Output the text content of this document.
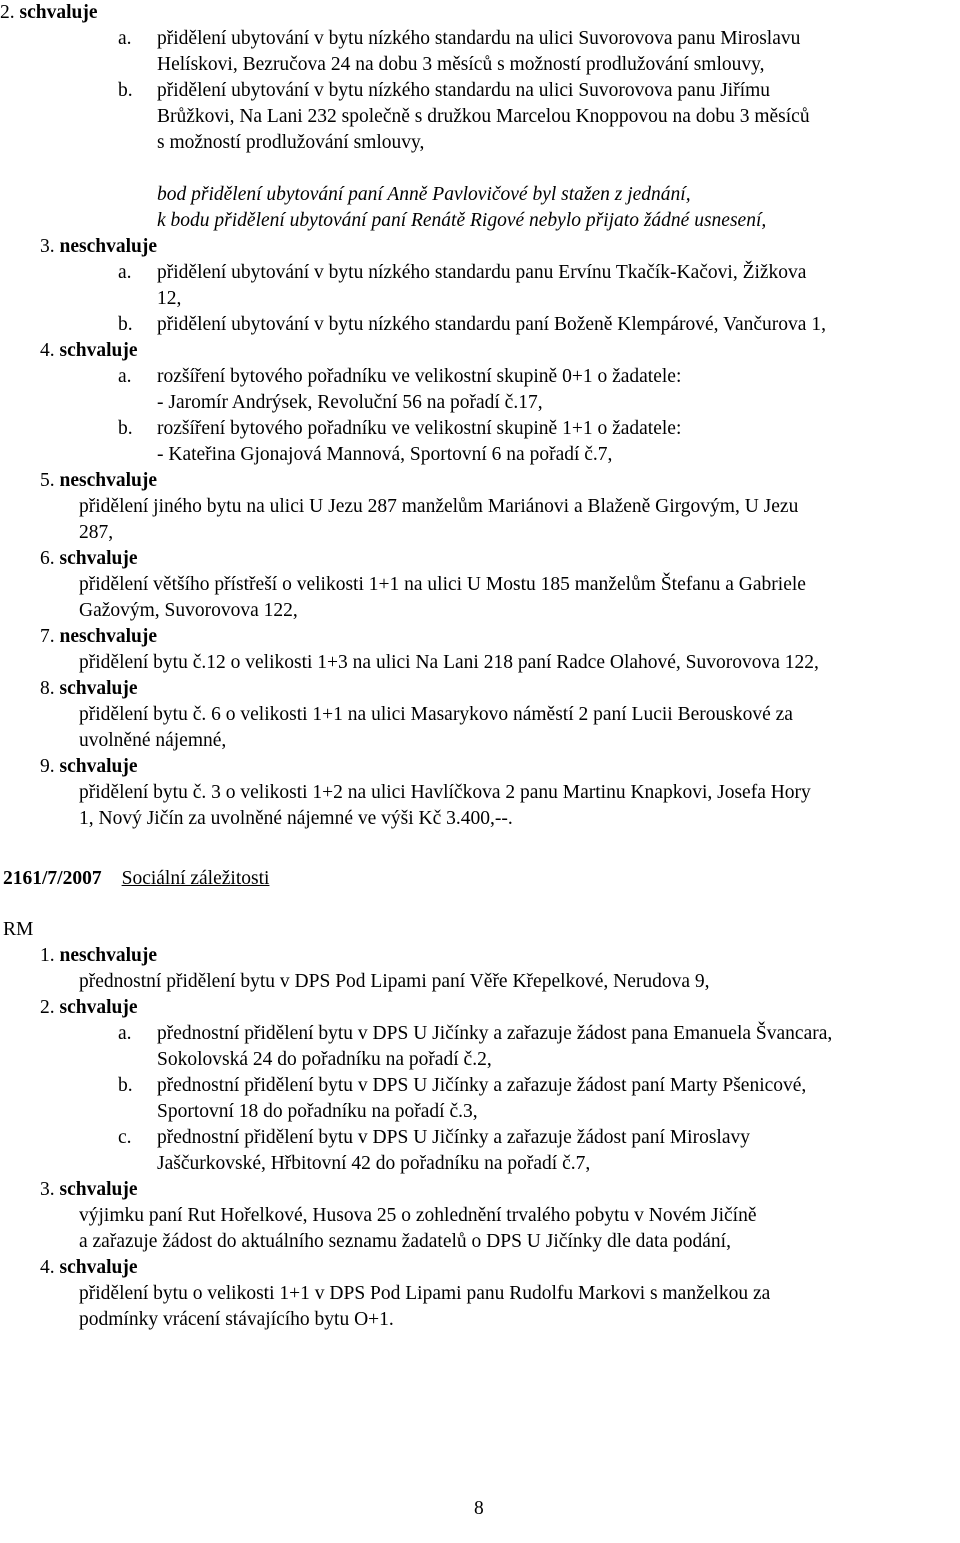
2. schvaluje
a. přidělení ubytování v bytu nízkého standardu na ulici Suvorovova panu Miroslavu
Helískovi, Bezručova 24 na dobu 3 měsíců s možností prodlužování smlouvy,
b. přidělení ubytování v bytu nízkého standardu na ulici Suvorovova panu Jiřímu
Brůžkovi, Na Lani 232 společně s družkou Marcelou Knoppovou na dobu 3 měsíců
s možností prodlužování smlouvy,
bod přidělení ubytování paní Anně Pavlovičové byl stažen z jednání,
k bodu přidělení ubytování paní Renátě Rigové nebylo přijato žádné usnesení,
3. neschvaluje
a. přidělení ubytování v bytu nízkého standardu panu Ervínu Tkačík-Kačovi, Žižkova
12,
b. přidělení ubytování v bytu nízkého standardu paní Boženě Klempárové, Vančurova 1,
4. schvaluje
a. rozšíření bytového pořadníku ve velikostní skupině 0+1 o žadatele:
- Jaromír Andrýsek, Revoluční 56 na pořadí č.17,
b. rozšíření bytového pořadníku ve velikostní skupině 1+1 o žadatele:
- Kateřina Gjonajová Mannová, Sportovní 6 na pořadí č.7,
5. neschvaluje
přidělení jiného bytu na ulici U Jezu 287 manželům Mariánovi a Blaženě Girgovým, U Jezu
287,
6. schvaluje
přidělení většího přístřeší o velikosti 1+1 na ulici U Mostu 185 manželům Štefanu a Gabriele
Gažovým, Suvorovova 122,
7. neschvaluje
přidělení bytu č.12 o velikosti 1+3 na ulici Na Lani 218 paní Radce Olahové, Suvorovova 122,
8. schvaluje
přidělení bytu č. 6 o velikosti 1+1 na ulici Masarykovo náměstí 2 paní Lucii Berouskové za
uvolněné nájemné,
9. schvaluje
přidělení bytu č. 3 o velikosti 1+2 na ulici Havlíčkova 2 panu Martinu Knapkovi, Josefa Hory
1, Nový Jičín za uvolněné nájemné ve výši Kč 3.400,--.
2161/7/2007 Sociální záležitosti
RM
1. neschvaluje
přednostní přidělení bytu v DPS Pod Lipami paní Věře Křepelkové, Nerudova 9,
2. schvaluje
a. přednostní přidělení bytu v DPS U Jičínky a zařazuje žádost pana Emanuela Švancara,
Sokolovská 24 do pořadníku na pořadí č.2,
b. přednostní přidělení bytu v DPS U Jičínky a zařazuje žádost paní Marty Pšenicové,
Sportovní 18 do pořadníku na pořadí č.3,
c. přednostní přidělení bytu v DPS U Jičínky a zařazuje žádost paní Miroslavy
Jaščurkovské, Hřbitovní 42 do pořadníku na pořadí č.7,
3. schvaluje
výjimku paní Rut Hořelkové, Husova 25 o zohlednění trvalého pobytu v Novém Jičíně
a zařazuje žádost do aktuálního seznamu žadatelů o DPS U Jičínky dle data podání,
4. schvaluje
přidělení bytu o velikosti 1+1 v DPS Pod Lipami panu Rudolfu Markovi s manželkou za
podmínky vrácení stávajícího bytu O+1.
8
